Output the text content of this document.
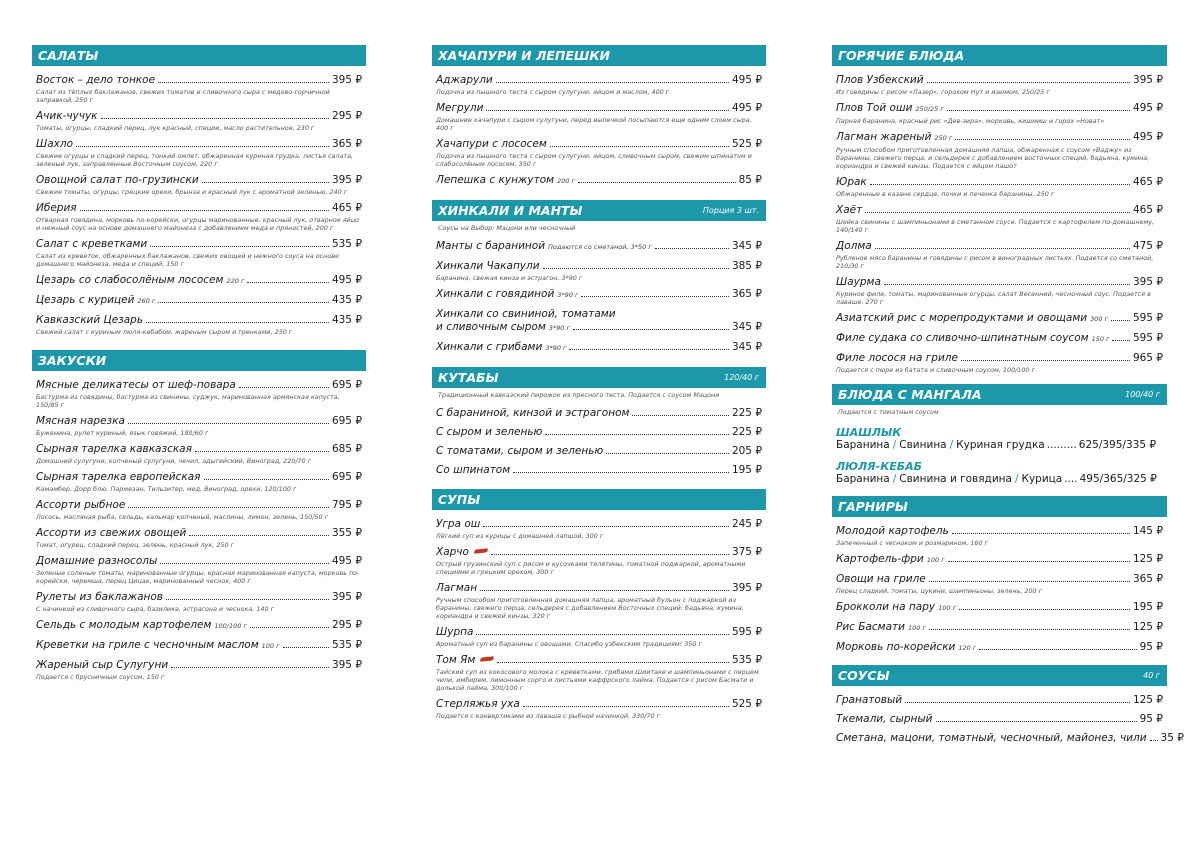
САЛАТЫ
Восток – дело тонкое	395 ₽
Салат из тёплых баклажанов, свежих томатов и сливочного сыра с медово-горчичной заправкой, 250 г
Ачик-чучук	295 ₽
Томаты, огурцы, сладкий перец, лук красный, специи, масло растительное, 230 г
Шахло	365 ₽
Свежие огурцы и сладкий перец, тонкий омлет, обжаренная куриная грудка, листья салата, зеленый лук, заправленные Восточным соусом, 220 г
Овощной салат по-грузински	395 ₽
Свежие томаты, огурцы, грецкие орехи, брынза и красный лук с ароматной зеленью, 240 г
Иберия	465 ₽
Отварная говядина, морковь по-корейски, огурцы маринованные, красный лук, отварное яйцо и нежный соус на основе домашнего майонеза с добавлением меда и пряностей, 200 г
Салат с креветками	535 ₽
Салат из креветок, обжаренных баклажанов, свежих овощей и нежного соуса на основе домашнего майонеза, меда и специй, 150 г
Цезарь со слабосолёным лососем 220 г	495 ₽
Цезарь с курицей 260 г	435 ₽
Кавказский Цезарь	435 ₽
Свежий салат с куриным люля-кебабом, жареным сыром и гренками, 250 г
ЗАКУСКИ
Мясные деликатесы от шеф-повара	695 ₽
Бастурма из говядины, бастурма из свинины, суджук, маринованная армянская капуста, 150/85 г
Мясная нарезка	695 ₽
Буженина, рулет куриный, язык говяжий, 180/60 г
Сырная тарелка кавказская	685 ₽
Домашний сулугуни, копченый сулугуни, чечил, адыгейский, Виноград, 220/70 г
Сырная тарелка европейская	695 ₽
Камамбер, Дорр блю, Пармезан, Тильзитер, мед, Виноград, орехи, 120/100 г
Ассорти рыбное	795 ₽
Лосось, масляная рыба, сельдь, кальмар копченый, маслины, лимон, зелень, 150/50 г
Ассорти из свежих овощей	355 ₽
Томат, огурец, сладкий перец, зелень, красный лук, 250 г
Домашние разносолы	495 ₽
Зеленые соленые томаты, маринованные огурцы, красная маринованная капуста, морковь по-корейски, черемша, перец Цицак, маринованный чеснок, 400 г
Рулеты из баклажанов	395 ₽
С начинкой из сливочного сыра, базилика, эстрагона и чеснока, 140 г
Сельдь с молодым картофелем 100/100 г	295 ₽
Креветки на гриле с чесночным маслом 100 г	535 ₽
Жареный сыр Сулугуни	395 ₽
Подается с брусничным соусом, 150 г
ХАЧАПУРИ И ЛЕПЕШКИ
Аджарули	495 ₽
Лодочка из пышного теста с сыром сулугуни, яйцом и маслом, 400 г
Мегрули	495 ₽
Домашние хачапури с сыром сулугуни, перед выпечкой посыпаются еще одним слоем сыра, 400 г
Хачапури с лососем	525 ₽
Лодочка из пышного теста с сыром сулугуни, яйцом, сливочным сыром, свежим шпинатом и слабосолёным лососем, 350 г
Лепешка с кунжутом 200 г	85 ₽
ХИНКАЛИ И МАНТЫ	Порция 3 шт.
Соусы на Выбор: Мацони или чесночный
Манты с бараниной Подаются со сметаной, 3*50 г	345 ₽
Хинкали Чакапули	385 ₽
Баранина, свежая кинза и эстрагон, 3*90 г
Хинкали с говядиной 3*90 г	365 ₽
Хинкали со свининой, томатами
и сливочным сыром 3*90 г	345 ₽
Хинкали с грибами 3*90 г	345 ₽
КУТАБЫ	120/40 г
Традиционный кавказский пирожок из пресного теста. Подается с соусом Мацони
С бараниной, кинзой и эстрагоном	225 ₽
С сыром и зеленью	225 ₽
С томатами, сыром и зеленью	205 ₽
Со шпинатом	195 ₽
СУПЫ
Угра ош	245 ₽
Лёгкий суп из курицы с домашней лапшой, 300 г
Харчо	375 ₽
Острый грузинский суп с рисом и кусочками телятины, томатной поджаркой, ароматными специями и грецким орехом, 300 г
Лагман	395 ₽
Ручным способом приготовленная домашняя лапша, ароматный бульон с поджаркой из баранины, свежего перца, сельдерея с добавлением Восточных специй: бадьяна, кумина, кориандра и свежей кинзы, 320 г
Шурпа	595 ₽
Ароматный суп из баранины с овощами. Спасибо узбекским традициям! 350 г
Том Ям	535 ₽
Тайский суп из кокосового молока с креветками, грибами Шиитаке и шампиньонами с перцем чили, имбирем, лимонным сорго и листьями каффрского лайма. Подается с рисом Басмати и долькой лайма, 300/100 г
Стерляжья уха	525 ₽
Подается с конвертиками из лаваша с рыбной начинкой, 330/70 г
ГОРЯЧИЕ БЛЮДА
Плов Узбекский	395 ₽
Из говядины с рисом «Лазер», горохом Нут и изюмом, 250/25 г
Плов Той оши 250/25 г	495 ₽
Парная баранина, красный рис «Дев-зира», морковь, кишмиш и горох «Новат»
Лагман жареный 250 г	495 ₽
Ручным способом приготовленная домашняя лапша, обжаренная с соусом «Ваджу» из баранины, свежего перца, и сельдерея с добавлением восточных специй, бадьяна, кумина, кориандра и свежей кинзы. Подается с яйцом пашот
Юрак	465 ₽
Обжаренные в казане сердце, почки и печенка баранины, 250 г
Хаёт	465 ₽
Шейка свинины с шампиньонами в сметанном соусе. Подается с картофелем по-домашнему, 140/140 г
Долма	475 ₽
Рубленое мясо баранины и говядины с рисом в виноградных листьях. Подается со сметаной, 210/30 г
Шаурма	395 ₽
Куриное филе, томаты, маринованные огурцы, салат Весенний, чесночный соус. Подается в лаваше, 270 г
Азиатский рис с морепродуктами и овощами 300 г 595 ₽
Филе судака со сливочно-шпинатным соусом 150 г 595 ₽
Филе лосося на гриле	965 ₽
Подается с пюре из батата и сливочным соусом, 100/100 г
БЛЮДА С МАНГАЛА	100/40 г
Подаются с томатным соусом
ШАШЛЫК
Баранина / Свинина / Куриная грудка ......... 625 / 395 / 335 ₽
ЛЮЛЯ-КЕБАБ
Баранина / Свинина и говядина / Курица .... 495 / 365 / 325 ₽
ГАРНИРЫ
Молодой картофель	145 ₽
Запеченный с чесноком и розмарином, 160 г
Картофель-фри 100 г	125 ₽
Овощи на гриле	365 ₽
Перец сладкий, томаты, цукини, шампиньоны, зелень, 200 г
Брокколи на пару 100 г	195 ₽
Рис Басмати 100 г	125 ₽
Морковь по-корейски 120 г	95 ₽
СОУСЫ	40 г
Гранатовый	125 ₽
Ткемали, сырный	95 ₽
Сметана, мацони, томатный, чесночный, майонез, чили 35 ₽
